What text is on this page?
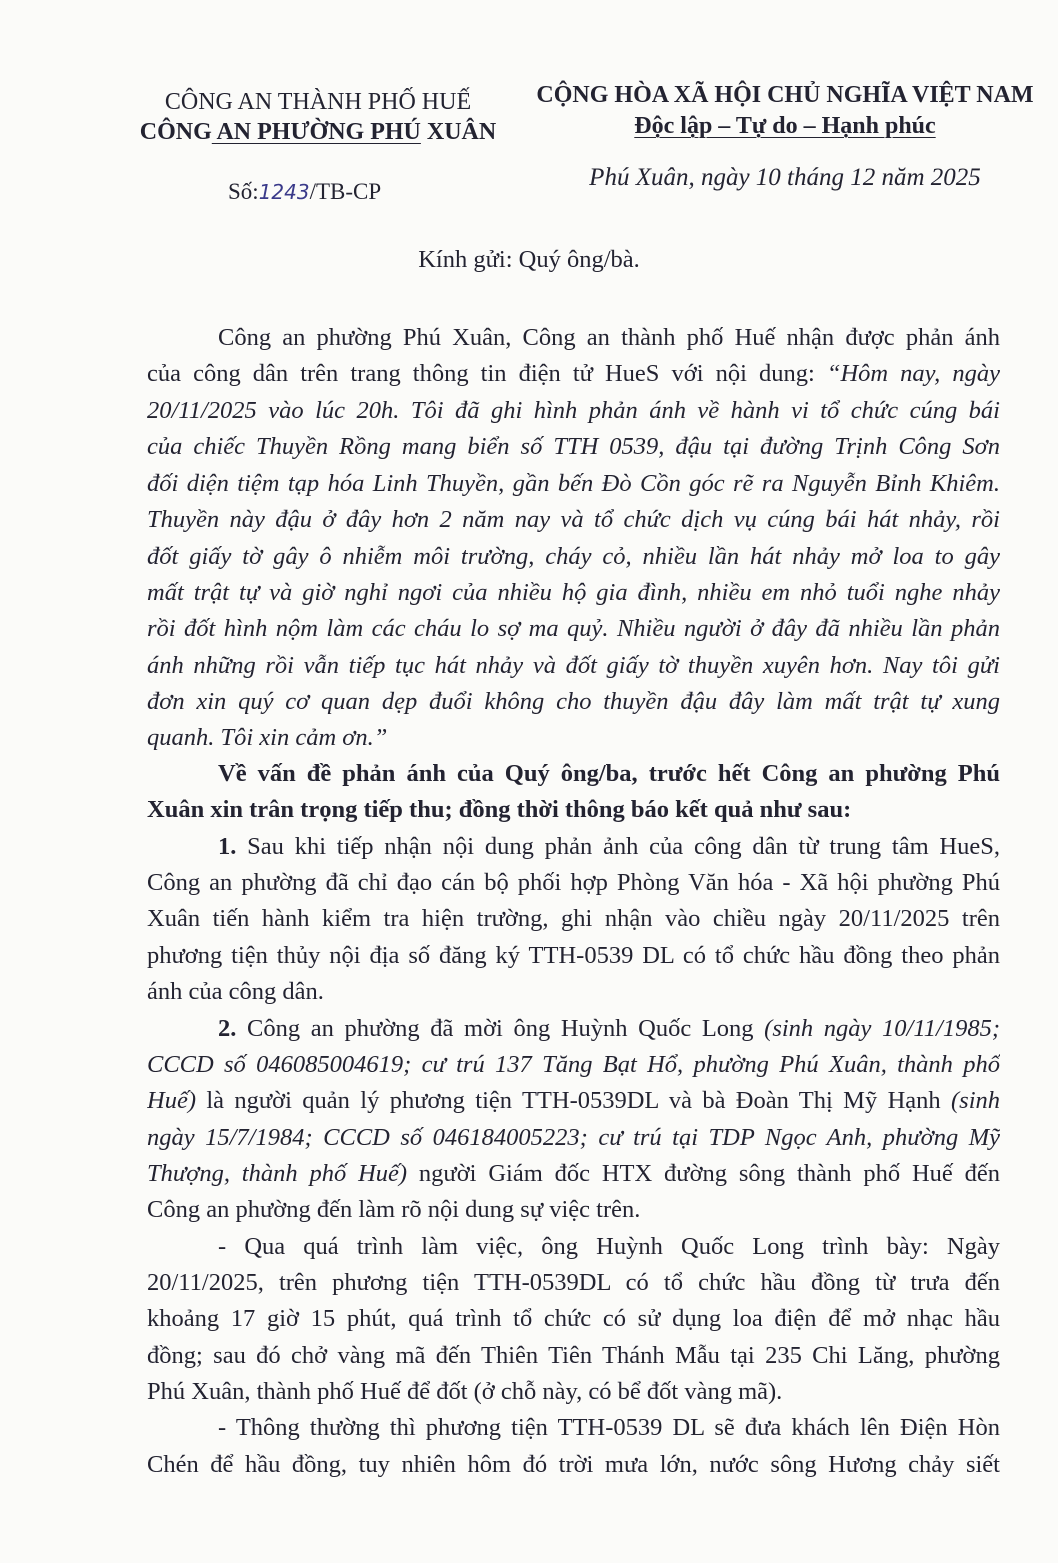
CÔNG AN THÀNH PHỐ HUẾ
CÔNG AN PHƯỜNG PHÚ XUÂN
Số:1243/TB-CP
CỘNG HÒA XÃ HỘI CHỦ NGHĨA VIỆT NAM
Độc lập – Tự do – Hạnh phúc
Phú Xuân, ngày 10 tháng 12 năm 2025
Kính gửi: Quý ông/bà.
Công an phường Phú Xuân, Công an thành phố Huế nhận được phản ánh
của công dân trên trang thông tin điện tử HueS với nội dung: “Hôm nay, ngày
20/11/2025 vào lúc 20h. Tôi đã ghi hình phản ánh về hành vi tổ chức cúng bái
của chiếc Thuyền Rồng mang biển số TTH 0539, đậu tại đường Trịnh Công Sơn
đối diện tiệm tạp hóa Linh Thuyền, gần bến Đò Cồn góc rẽ ra Nguyễn Bỉnh Khiêm.
Thuyền này đậu ở đây hơn 2 năm nay và tổ chức dịch vụ cúng bái hát nhảy, rồi
đốt giấy tờ gây ô nhiễm môi trường, cháy cỏ, nhiều lần hát nhảy mở loa to gây
mất trật tự và giờ nghỉ ngơi của nhiều hộ gia đình, nhiều em nhỏ tuổi nghe nhảy
rồi đốt hình nộm làm các cháu lo sợ ma quỷ. Nhiều người ở đây đã nhiều lần phản
ánh những rồi vẫn tiếp tục hát nhảy và đốt giấy tờ thuyền xuyên hơn. Nay tôi gửi
đơn xin quý cơ quan dẹp đuổi không cho thuyền đậu đây làm mất trật tự xung
quanh. Tôi xin cảm ơn.”
Về vấn đề phản ánh của Quý ông/ba, trước hết Công an phường Phú
Xuân xin trân trọng tiếp thu; đồng thời thông báo kết quả như sau:
1. Sau khi tiếp nhận nội dung phản ảnh của công dân từ trung tâm HueS,
Công an phường đã chỉ đạo cán bộ phối hợp Phòng Văn hóa - Xã hội phường Phú
Xuân tiến hành kiểm tra hiện trường, ghi nhận vào chiều ngày 20/11/2025 trên
phương tiện thủy nội địa số đăng ký TTH-0539 DL có tổ chức hầu đồng theo phản
ánh của công dân.
2. Công an phường đã mời ông Huỳnh Quốc Long (sinh ngày 10/11/1985;
CCCD số 046085004619; cư trú 137 Tăng Bạt Hổ, phường Phú Xuân, thành phố
Huế) là người quản lý phương tiện TTH-0539DL và bà Đoàn Thị Mỹ Hạnh (sinh
ngày 15/7/1984; CCCD số 046184005223; cư trú tại TDP Ngọc Anh, phường Mỹ
Thượng, thành phố Huế) người Giám đốc HTX đường sông thành phố Huế đến
Công an phường đến làm rõ nội dung sự việc trên.
- Qua quá trình làm việc, ông Huỳnh Quốc Long trình bày: Ngày
20/11/2025, trên phương tiện TTH-0539DL có tổ chức hầu đồng từ trưa đến
khoảng 17 giờ 15 phút, quá trình tổ chức có sử dụng loa điện để mở nhạc hầu
đồng; sau đó chở vàng mã đến Thiên Tiên Thánh Mẫu tại 235 Chi Lăng, phường
Phú Xuân, thành phố Huế để đốt (ở chỗ này, có bể đốt vàng mã).
- Thông thường thì phương tiện TTH-0539 DL sẽ đưa khách lên Điện Hòn
Chén để hầu đồng, tuy nhiên hôm đó trời mưa lớn, nước sông Hương chảy siết
